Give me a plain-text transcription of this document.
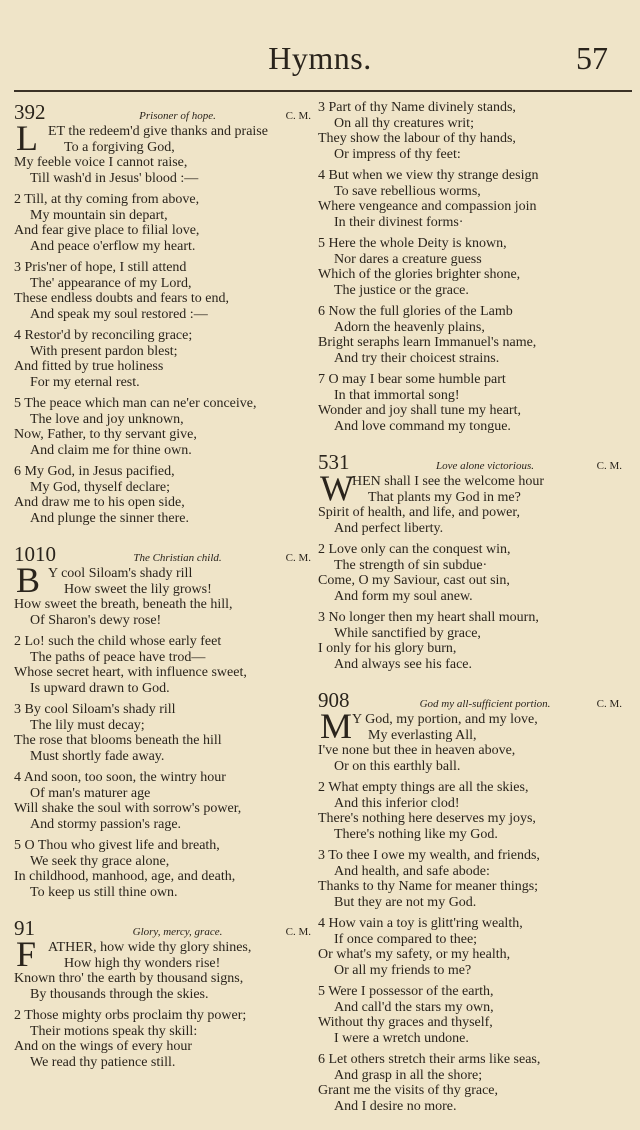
Hymns.	57
392	Prisoner of hope.	C. M.
L ET the redeem'd give thanks and praise
To a forgiving God,
My feeble voice I cannot raise,
Till wash'd in Jesus' blood :—
2 Till, at thy coming from above,
My mountain sin depart,
And fear give place to filial love,
And peace o'erflow my heart.
3 Pris'ner of hope, I still attend
The' appearance of my Lord,
These endless doubts and fears to end,
And speak my soul restored :—
4 Restor'd by reconciling grace;
With present pardon blest;
And fitted by true holiness
For my eternal rest.
5 The peace which man can ne'er conceive,
The love and joy unknown,
Now, Father, to thy servant give,
And claim me for thine own.
6 My God, in Jesus pacified,
My God, thyself declare;
And draw me to his open side,
And plunge the sinner there.
1010	The Christian child.	C. M.
B Y cool Siloam's shady rill
How sweet the lily grows!
How sweet the breath, beneath the hill,
Of Sharon's dewy rose!
2 Lo! such the child whose early feet
The paths of peace have trod—
Whose secret heart, with influence sweet,
Is upward drawn to God.
3 By cool Siloam's shady rill
The lily must decay;
The rose that blooms beneath the hill
Must shortly fade away.
4 And soon, too soon, the wintry hour
Of man's maturer age
Will shake the soul with sorrow's power,
And stormy passion's rage.
5 O Thou who givest life and breath,
We seek thy grace alone,
In childhood, manhood, age, and death,
To keep us still thine own.
91	Glory, mercy, grace.	C. M.
F ATHER, how wide thy glory shines,
How high thy wonders rise!
Known thro' the earth by thousand signs,
By thousands through the skies.
2 Those mighty orbs proclaim thy power;
Their motions speak thy skill:
And on the wings of every hour
We read thy patience still.
3 Part of thy Name divinely stands,
On all thy creatures writ;
They show the labour of thy hands,
Or impress of thy feet:
4 But when we view thy strange design
To save rebellious worms,
Where vengeance and compassion join
In their divinest forms·
5 Here the whole Deity is known,
Nor dares a creature guess
Which of the glories brighter shone,
The justice or the grace.
6 Now the full glories of the Lamb
Adorn the heavenly plains,
Bright seraphs learn Immanuel's name,
And try their choicest strains.
7 O may I bear some humble part
In that immortal song!
Wonder and joy shall tune my heart,
And love command my tongue.
531	Love alone victorious.	C. M.
W
HEN shall I see the welcome hour
That plants my God in me?
Spirit of health, and life, and power,
And perfect liberty.
2 Love only can the conquest win,
The strength of sin subdue·
Come, O my Saviour, cast out sin,
And form my soul anew.
3 No longer then my heart shall mourn,
While sanctified by grace,
I only for his glory burn,
And always see his face.
908	God my all-sufficient portion.	C. M.
M Y God, my portion, and my love,
My everlasting All,
I've none but thee in heaven above,
Or on this earthly ball.
2 What empty things are all the skies,
And this inferior clod!
There's nothing here deserves my joys,
There's nothing like my God.
3 To thee I owe my wealth, and friends,
And health, and safe abode:
Thanks to thy Name for meaner things;
But they are not my God.
4 How vain a toy is glitt'ring wealth,
If once compared to thee;
Or what's my safety, or my health,
Or all my friends to me?
5 Were I possessor of the earth,
And call'd the stars my own,
Without thy graces and thyself,
I were a wretch undone.
6 Let others stretch their arms like seas,
And grasp in all the shore;
Grant me the visits of thy grace,
And I desire no more.
